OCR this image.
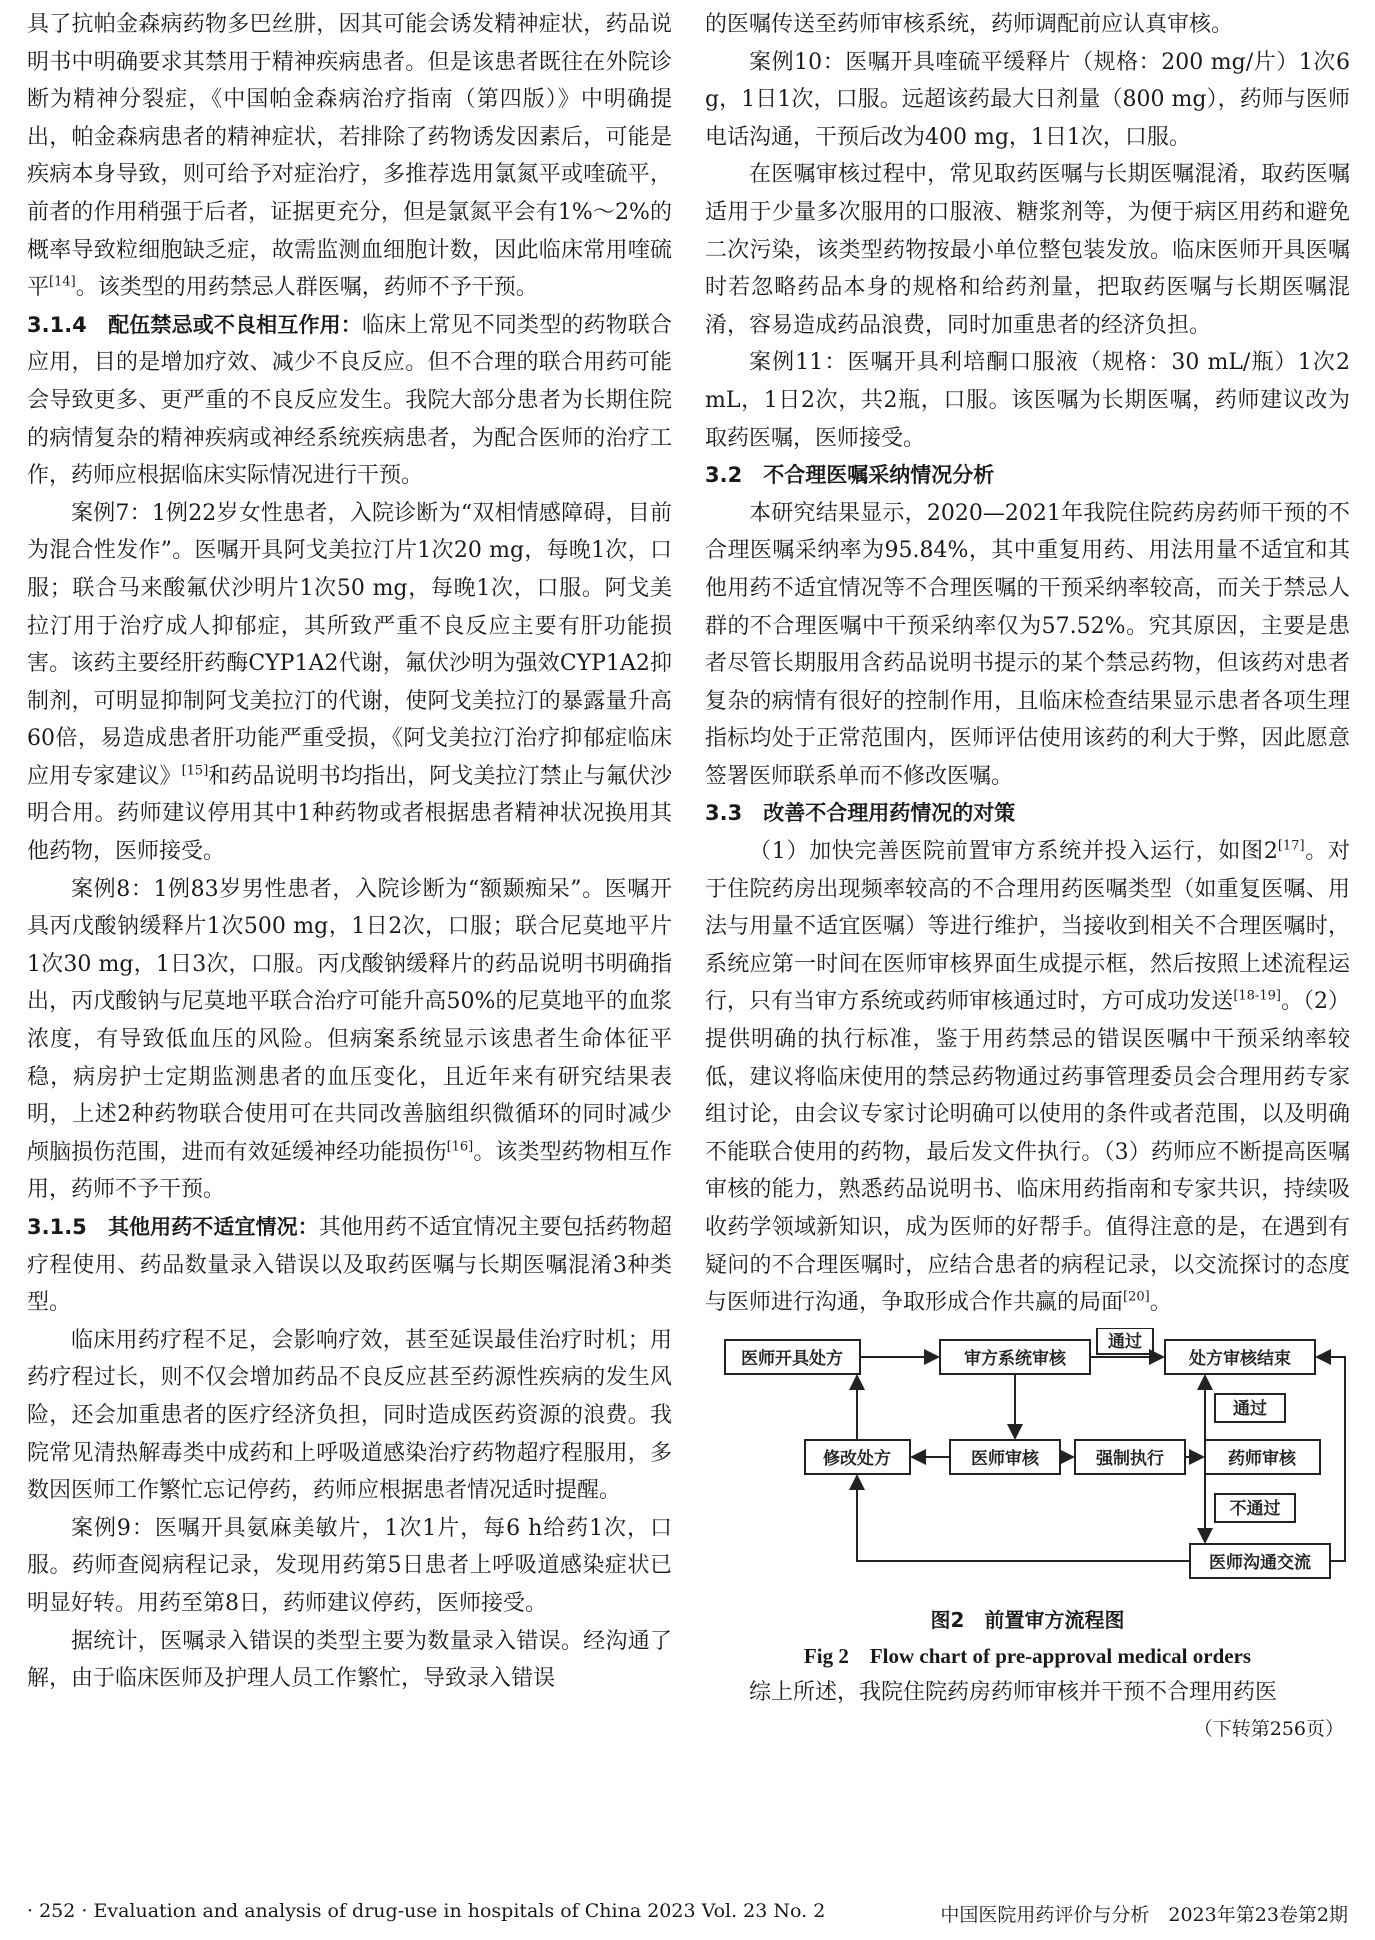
具了抗帕金森病药物多巴丝肼，因其可能会诱发精神症状，药品说明书中明确要求其禁用于精神疾病患者。但是该患者既往在外院诊断为精神分裂症，《中国帕金森病治疗指南（第四版）》中明确提出，帕金森病患者的精神症状，若排除了药物诱发因素后，可能是疾病本身导致，则可给予对症治疗，多推荐选用氯氮平或喹硫平，前者的作用稍强于后者，证据更充分，但是氯氮平会有1%～2%的概率导致粒细胞缺乏症，故需监测血细胞计数，因此临床常用喹硫平[14]。该类型的用药禁忌人群医嘱，药师不予干预。

3.1.4　配伍禁忌或不良相互作用：临床上常见不同类型的药物联合应用，目的是增加疗效、减少不良反应。但不合理的联合用药可能会导致更多、更严重的不良反应发生。我院大部分患者为长期住院的病情复杂的精神疾病或神经系统疾病患者，为配合医师的治疗工作，药师应根据临床实际情况进行干预。

案例7：1例22岁女性患者，入院诊断为“双相情感障碍，目前为混合性发作”。医嘱开具阿戈美拉汀片1次20 mg，每晚1次，口服；联合马来酸氟伏沙明片1次50 mg，每晚1次，口服。阿戈美拉汀用于治疗成人抑郁症，其所致严重不良反应主要有肝功能损害。该药主要经肝药酶CYP1A2代谢，氟伏沙明为强效CYP1A2抑制剂，可明显抑制阿戈美拉汀的代谢，使阿戈美拉汀的暴露量升高60倍，易造成患者肝功能严重受损，《阿戈美拉汀治疗抑郁症临床应用专家建议》[15]和药品说明书均指出，阿戈美拉汀禁止与氟伏沙明合用。药师建议停用其中1种药物或者根据患者精神状况换用其他药物，医师接受。

案例8：1例83岁男性患者，入院诊断为“额颞痴呆”。医嘱开具丙戊酸钠缓释片1次500 mg，1日2次，口服；联合尼莫地平片1次30 mg，1日3次，口服。丙戊酸钠缓释片的药品说明书明确指出，丙戊酸钠与尼莫地平联合治疗可能升高50%的尼莫地平的血浆浓度，有导致低血压的风险。但病案系统显示该患者生命体征平稳，病房护士定期监测患者的血压变化，且近年来有研究结果表明，上述2种药物联合使用可在共同改善脑组织微循环的同时减少颅脑损伤范围，进而有效延缓神经功能损伤[16]。该类型药物相互作用，药师不予干预。

3.1.5　其他用药不适宜情况：其他用药不适宜情况主要包括药物超疗程使用、药品数量录入错误以及取药医嘱与长期医嘱混淆3种类型。

临床用药疗程不足，会影响疗效，甚至延误最佳治疗时机；用药疗程过长，则不仅会增加药品不良反应甚至药源性疾病的发生风险，还会加重患者的医疗经济负担，同时造成医药资源的浪费。我院常见清热解毒类中成药和上呼吸道感染治疗药物超疗程服用，多数因医师工作繁忙忘记停药，药师应根据患者情况适时提醒。

案例9：医嘱开具氨麻美敏片，1次1片，每6 h给药1次，口服。药师查阅病程记录，发现用药第5日患者上呼吸道感染症状已明显好转。用药至第8日，药师建议停药，医师接受。

据统计，医嘱录入错误的类型主要为数量录入错误。经沟通了解，由于临床医师及护理人员工作繁忙，导致录入错误

的医嘱传送至药师审核系统，药师调配前应认真审核。

案例10：医嘱开具喹硫平缓释片（规格：200 mg/片）1次6 g，1日1次，口服。远超该药最大日剂量（800 mg），药师与医师电话沟通，干预后改为400 mg，1日1次，口服。

在医嘱审核过程中，常见取药医嘱与长期医嘱混淆，取药医嘱适用于少量多次服用的口服液、糖浆剂等，为便于病区用药和避免二次污染，该类型药物按最小单位整包装发放。临床医师开具医嘱时若忽略药品本身的规格和给药剂量，把取药医嘱与长期医嘱混淆，容易造成药品浪费，同时加重患者的经济负担。

案例11：医嘱开具利培酮口服液（规格：30 mL/瓶）1次2 mL，1日2次，共2瓶，口服。该医嘱为长期医嘱，药师建议改为取药医嘱，医师接受。

3.2　不合理医嘱采纳情况分析

本研究结果显示，2020—2021年我院住院药房药师干预的不合理医嘱采纳率为95.84%，其中重复用药、用法用量不适宜和其他用药不适宜情况等不合理医嘱的干预采纳率较高，而关于禁忌人群的不合理医嘱中干预采纳率仅为57.52%。究其原因，主要是患者尽管长期服用含药品说明书提示的某个禁忌药物，但该药对患者复杂的病情有很好的控制作用，且临床检查结果显示患者各项生理指标均处于正常范围内，医师评估使用该药的利大于弊，因此愿意签署医师联系单而不修改医嘱。

3.3　改善不合理用药情况的对策

（1）加快完善医院前置审方系统并投入运行，如图2[17]。对于住院药房出现频率较高的不合理用药医嘱类型（如重复医嘱、用法与用量不适宜医嘱）等进行维护，当接收到相关不合理医嘱时，系统应第一时间在医师审核界面生成提示框，然后按照上述流程运行，只有当审方系统或药师审核通过时，方可成功发送[18-19]。（2）提供明确的执行标准，鉴于用药禁忌的错误医嘱中干预采纳率较低，建议将临床使用的禁忌药物通过药事管理委员会合理用药专家组讨论，由会议专家讨论明确可以使用的条件或者范围，以及明确不能联合使用的药物，最后发文件执行。（3）药师应不断提高医嘱审核的能力，熟悉药品说明书、临床用药指南和专家共识，持续吸收药学领域新知识，成为医师的好帮手。值得注意的是，在遇到有疑问的不合理医嘱时，应结合患者的病程记录，以交流探讨的态度与医师进行沟通，争取形成合作共赢的局面[20]。

医师开具处方	审方系统审核	处方审核结束
通过
修改处方	医师审核	强制执行	药师审核
通过
不通过
医师沟通交流

图2　前置审方流程图

Fig 2　Flow chart of pre-approval medical orders

综上所述，我院住院药房药师审核并干预不合理用药医

（下转第256页）

· 252 · Evaluation and analysis of drug-use in hospitals of China 2023 Vol. 23 No. 2	中国医院用药评价与分析　2023年第23卷第2期
